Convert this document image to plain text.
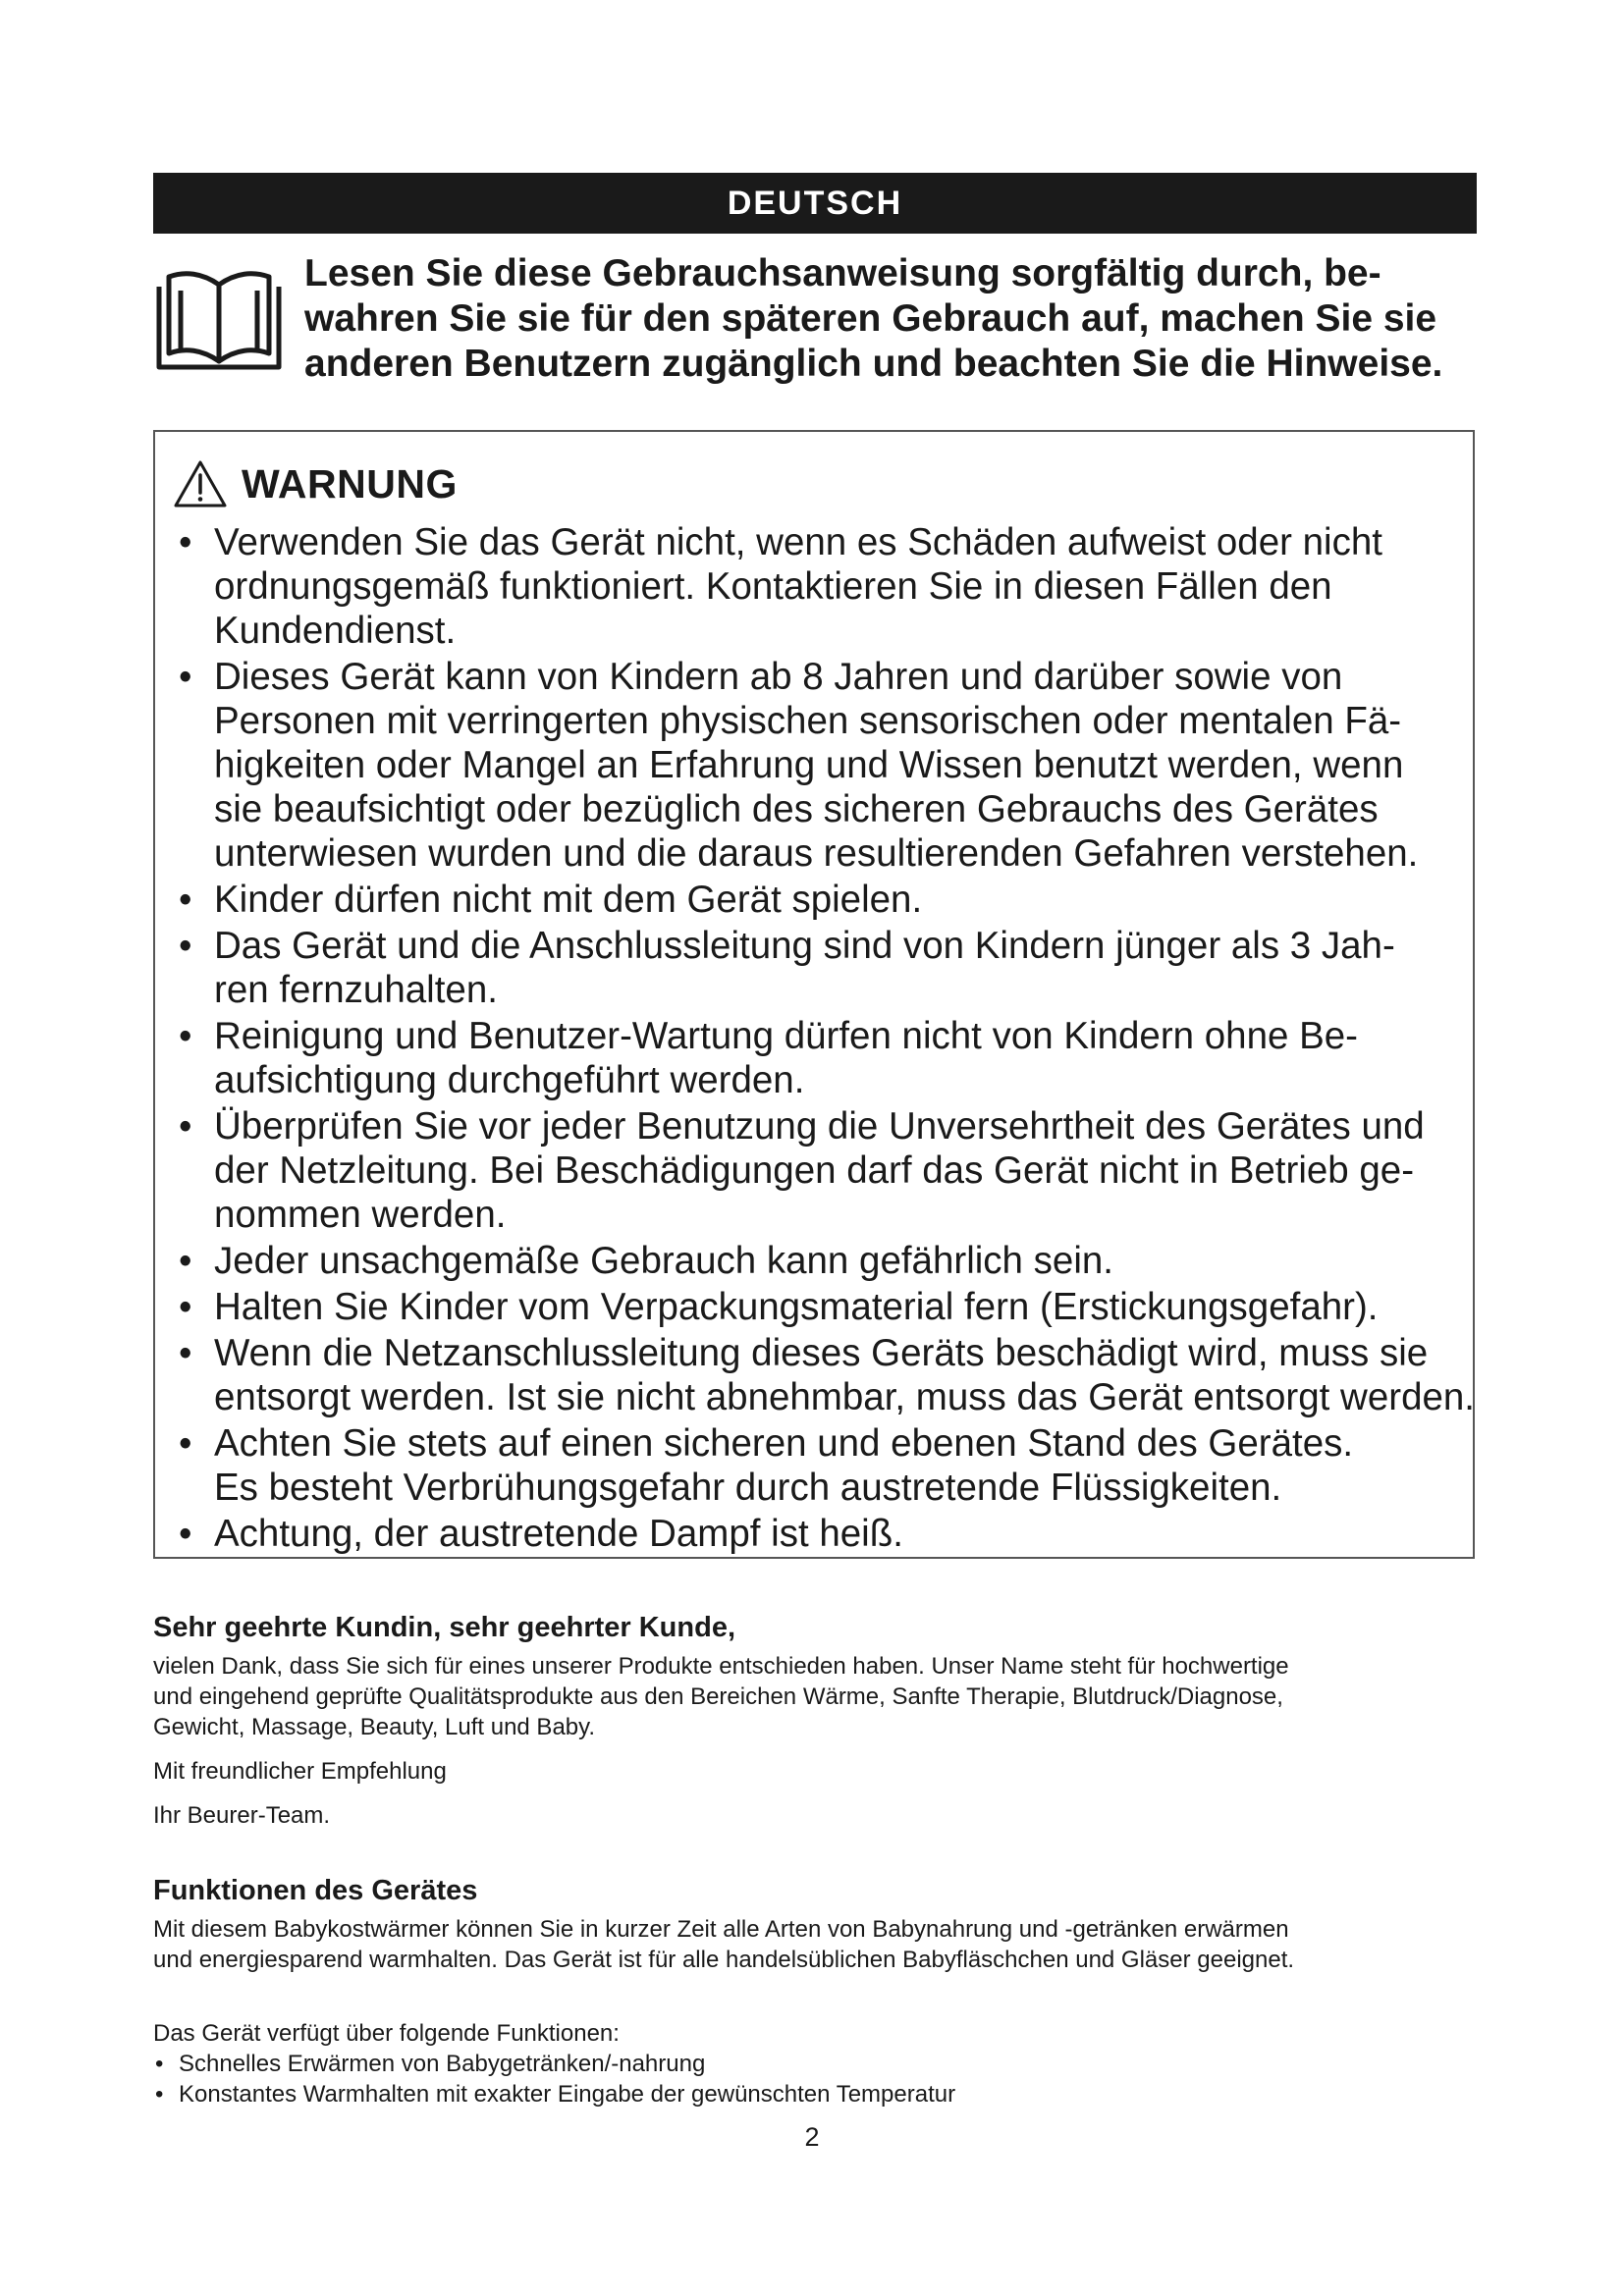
DEUTSCH

Lesen Sie diese Gebrauchsanweisung sorgfältig durch, be-
wahren Sie sie für den späteren Gebrauch auf, machen Sie sie
anderen Benutzern zugänglich und beachten Sie die Hinweise.

WARNUNG
• Verwenden Sie das Gerät nicht, wenn es Schäden aufweist oder nicht
ordnungsgemäß funktioniert. Kontaktieren Sie in diesen Fällen den
Kundendienst.
• Dieses Gerät kann von Kindern ab 8 Jahren und darüber sowie von
Personen mit verringerten physischen sensorischen oder mentalen Fä-
higkeiten oder Mangel an Erfahrung und Wissen benutzt werden, wenn
sie beaufsichtigt oder bezüglich des sicheren Gebrauchs des Gerätes
unterwiesen wurden und die daraus resultierenden Gefahren verstehen.
• Kinder dürfen nicht mit dem Gerät spielen.
• Das Gerät und die Anschlussleitung sind von Kindern jünger als 3 Jah-
ren fernzuhalten.
• Reinigung und Benutzer-Wartung dürfen nicht von Kindern ohne Be-
aufsichtigung durchgeführt werden.
• Überprüfen Sie vor jeder Benutzung die Unversehrtheit des Gerätes und
der Netzleitung. Bei Beschädigungen darf das Gerät nicht in Betrieb ge-
nommen werden.
• Jeder unsachgemäße Gebrauch kann gefährlich sein.
• Halten Sie Kinder vom Verpackungsmaterial fern (Erstickungsgefahr).
• Wenn die Netzanschlussleitung dieses Geräts beschädigt wird, muss sie
entsorgt werden. Ist sie nicht abnehmbar, muss das Gerät entsorgt werden.
• Achten Sie stets auf einen sicheren und ebenen Stand des Gerätes.
Es besteht Verbrühungsgefahr durch austretende Flüssigkeiten.
• Achtung, der austretende Dampf ist heiß.
Sehr geehrte Kundin, sehr geehrter Kunde,

vielen Dank, dass Sie sich für eines unserer Produkte entschieden haben. Unser Name steht für hochwertige
und eingehend geprüfte Qualitätsprodukte aus den Bereichen Wärme, Sanfte Therapie, Blutdruck/Diagnose,
Gewicht, Massage, Beauty, Luft und Baby.

Mit freundlicher Empfehlung

Ihr Beurer-Team.

Funktionen des Gerätes

Mit diesem Babykostwärmer können Sie in kurzer Zeit alle Arten von Babynahrung und -getränken erwärmen
und energiesparend warmhalten. Das Gerät ist für alle handelsüblichen Babyfläschchen und Gläser geeignet.

Das Gerät verfügt über folgende Funktionen:
• Schnelles Erwärmen von Babygetränken/-nahrung
• Konstantes Warmhalten mit exakter Eingabe der gewünschten Temperatur
2
